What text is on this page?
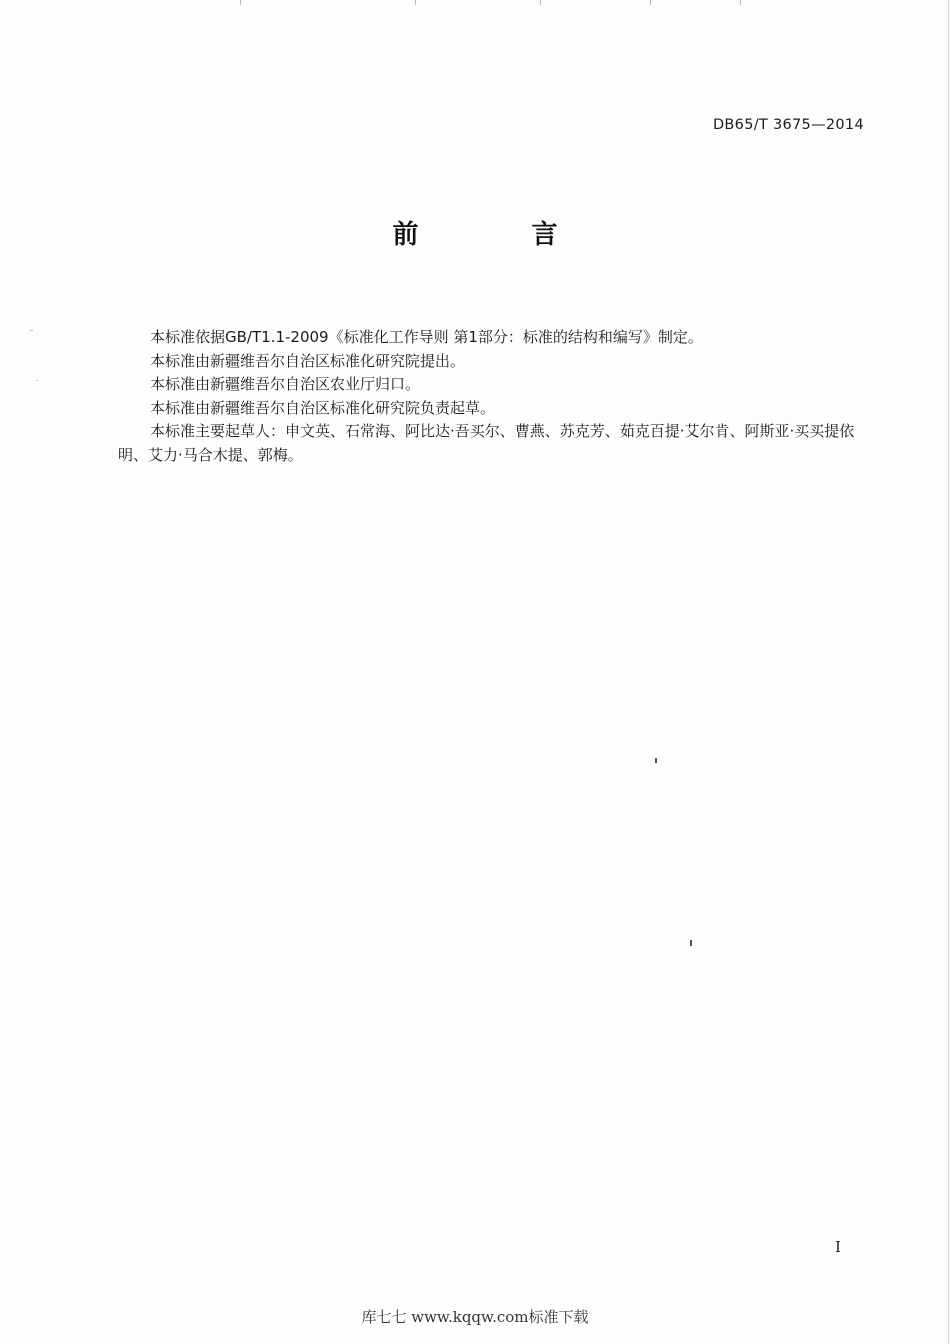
DB65/T 3675—2014
前 言

本标准依据GB/T1.1-2009《标准化工作导则 第1部分：标准的结构和编写》制定。

本标准由新疆维吾尔自治区标准化研究院提出。

本标准由新疆维吾尔自治区农业厅归口。

本标准由新疆维吾尔自治区标准化研究院负责起草。

本标准主要起草人：申文英、石常海、阿比达·吾买尔、曹燕、苏克芳、茹克百提·艾尔肯、阿斯亚·买买提依明、艾力·马合木提、郭梅。

I
库七七 www.kqqw.com标准下载
